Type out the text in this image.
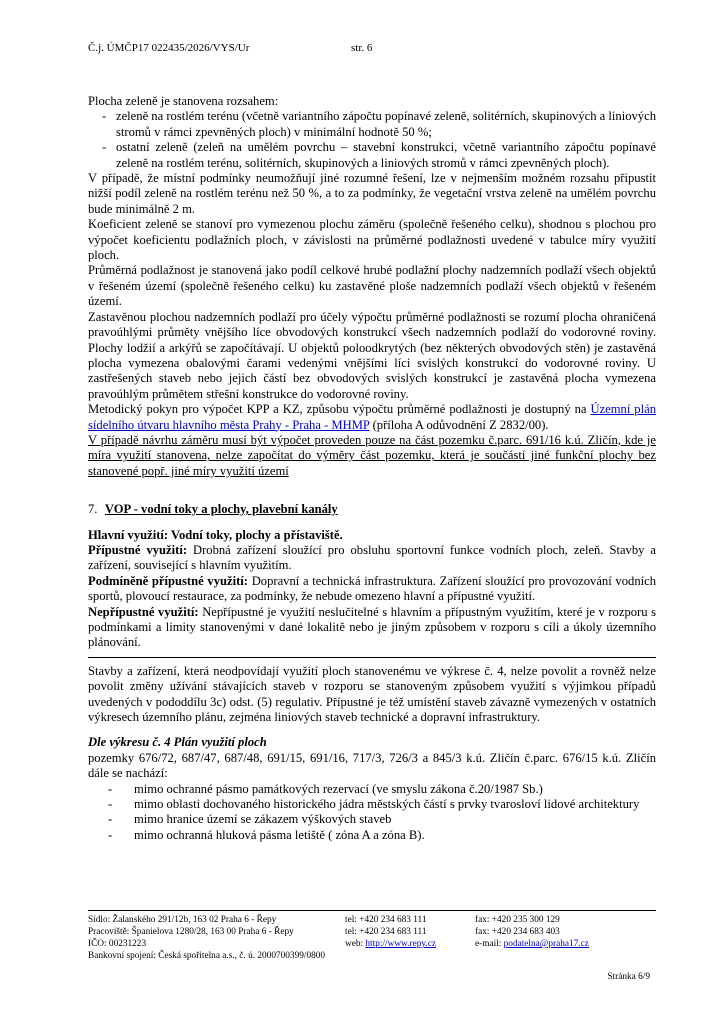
Č.j. ÚMČP17 022435/2026/VYS/Ur	str. 6

Plocha zeleně je stanovena rozsahem:

- zeleně na rostlém terénu (včetně variantního zápočtu popínavé zeleně, solitérních, skupinových a liniových stromů v rámci zpevněných ploch) v minimální hodnotě 50 %;
- ostatní zeleně (zeleň na umělém povrchu – stavební konstrukci, včetně variantního zápočtu popínavé zeleně na rostlém terénu, solitérních, skupinových a liniových stromů v rámci zpevněných ploch).

V případě, že místní podmínky neumožňují jiné rozumné řešení, lze v nejmenším možném rozsahu připustit nižší podíl zeleně na rostlém terénu než 50 %, a to za podmínky, že vegetační vrstva zeleně na umělém povrchu bude minimálně 2 m.

Koeficient zeleně se stanoví pro vymezenou plochu záměru (společně řešeného celku), shodnou s plochou pro výpočet koeficientu podlažních ploch, v závislosti na průměrné podlažnosti uvedené v tabulce míry využití ploch.

Průměrná podlažnost je stanovená jako podíl celkové hrubé podlažní plochy nadzemních podlaží všech objektů v řešeném území (společně řešeného celku) ku zastavěné ploše nadzemních podlaží všech objektů v řešeném území.

Zastavěnou plochou nadzemních podlaží pro účely výpočtu průměrné podlažnosti se rozumí plocha ohraničená pravoúhlými průměty vnějšího líce obvodových konstrukcí všech nadzemních podlaží do vodorovné roviny. Plochy lodžií a arkýřů se započítávají. U objektů poloodkrytých (bez některých obvodových stěn) je zastavěná plocha vymezena obalovými čarami vedenými vnějšími líci svislých konstrukcí do vodorovné roviny. U zastřešených staveb nebo jejich částí bez obvodových svislých konstrukcí je zastavěná plocha vymezena pravoúhlým průmětem střešní konstrukce do vodorovné roviny.

Metodický pokyn pro výpočet KPP a KZ, způsobu výpočtu průměrné podlažnosti je dostupný na Územní plán sídelního útvaru hlavního města Prahy - Praha - MHMP (příloha A odůvodnění Z 2832/00).

V případě návrhu záměru musí být výpočet proveden pouze na část pozemku č.parc. 691/16 k.ú. Zličín, kde je míra využití stanovena, nelze započítat do výměry část pozemku, která je součástí jiné funkční plochy bez stanovené popř. jiné míry využití území

7. VOP - vodní toky a plochy, plavební kanály

Hlavní využití: Vodní toky, plochy a přístaviště.

Přípustné využití: Drobná zařízení sloužící pro obsluhu sportovní funkce vodních ploch, zeleň. Stavby a zařízení, související s hlavním využitím.

Podmíněně přípustné využití: Dopravní a technická infrastruktura. Zařízení sloužící pro provozování vodních sportů, plovoucí restaurace, za podmínky, že nebude omezeno hlavní a přípustné využití.

Nepřípustné využití: Nepřípustné je využití neslučitelné s hlavním a přípustným využitím, které je v rozporu s podmínkami a limity stanovenými v dané lokalitě nebo je jiným způsobem v rozporu s cíli a úkoly územního plánování.

Stavby a zařízení, která neodpovídají využití ploch stanovenému ve výkrese č. 4, nelze povolit a rovněž nelze povolit změny užívání stávajících staveb v rozporu se stanoveným způsobem využití s výjimkou případů uvedených v pododdílu 3c) odst. (5) regulativ. Přípustné je též umístění staveb závazně vymezených v ostatních výkresech územního plánu, zejména liniových staveb technické a dopravní infrastruktury.

Dle výkresu č. 4 Plán využití ploch

pozemky 676/72, 687/47, 687/48, 691/15, 691/16, 717/3, 726/3 a 845/3 k.ú. Zličín č.parc. 676/15 k.ú. Zličín dále se nachází:

- mimo ochranné pásmo památkových rezervací (ve smyslu zákona č.20/1987 Sb.)
- mimo oblasti dochovaného historického jádra městských částí s prvky tvarosloví lidové architektury
- mimo hranice území se zákazem výškových staveb
- mimo ochranná hluková pásma letiště ( zóna A a zóna B).
Sídlo: Žalanského 291/12b, 163 02 Praha 6 - Řepy
Pracoviště: Španielova 1280/28, 163 00 Praha 6 - Řepy
IČO: 00231223
Bankovní spojení: Česká spořitelna a.s., č. ú. 2000700399/0800
tel: +420 234 683 111
tel: +420 234 683 111
web: http://www.repy.cz
fax: +420 235 300 129
fax: +420 234 683 403
e-mail: podatelna@praha17.cz
Stránka 6/9
